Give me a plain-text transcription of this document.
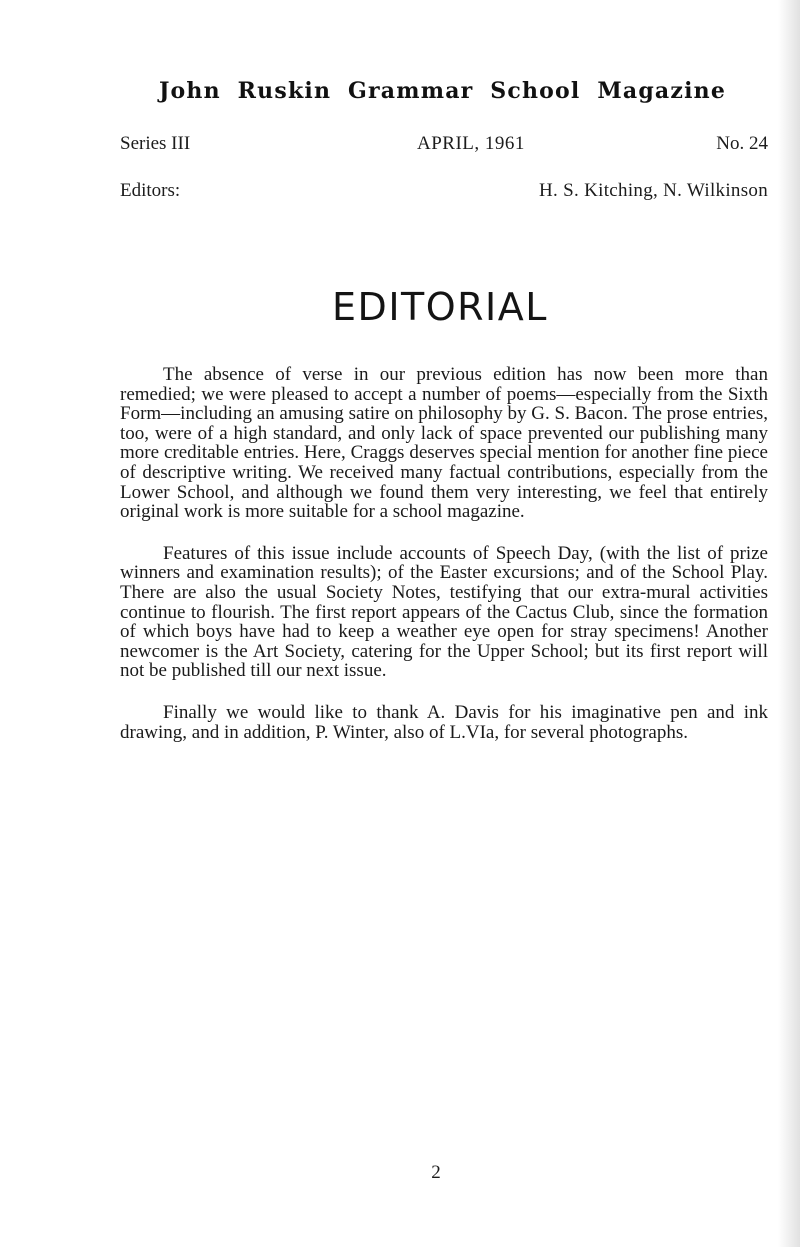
John Ruskin Grammar School Magazine
Series III	APRIL, 1961	No. 24
Editors:	H. S. Kitching, N. Wilkinson
EDITORIAL

The absence of verse in our previous edition has now been more than remedied; we were pleased to accept a number of poems—especially from the Sixth Form—including an amusing satire on philosophy by G. S. Bacon. The prose entries, too, were of a high standard, and only lack of space prevented our publishing many more creditable entries. Here, Craggs deserves special mention for another fine piece of descriptive writing. We received many factual contributions, especially from the Lower School, and although we found them very interesting, we feel that entirely original work is more suitable for a school magazine.

Features of this issue include accounts of Speech Day, (with the list of prize winners and examination results); of the Easter excursions; and of the School Play. There are also the usual Society Notes, testifying that our extra-mural activities continue to flourish. The first report appears of the Cactus Club, since the formation of which boys have had to keep a weather eye open for stray specimens! Another newcomer is the Art Society, catering for the Upper School; but its first report will not be published till our next issue.

Finally we would like to thank A. Davis for his imaginative pen and ink drawing, and in addition, P. Winter, also of L.VIa, for several photographs.

2
